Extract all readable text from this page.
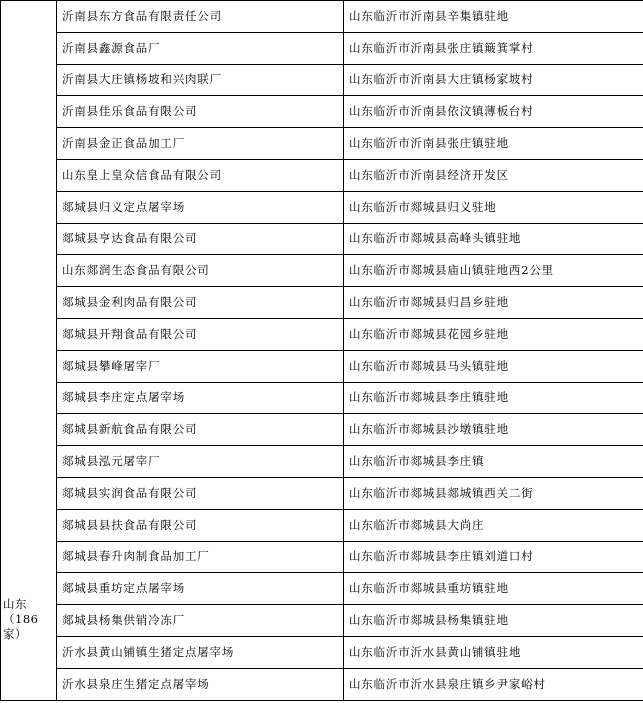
山东
（186
家）	沂南县东方食品有限责任公司	山东临沂市沂南县辛集镇驻地
	沂南县鑫源食品厂	山东临沂市沂南县张庄镇簸箕掌村
	沂南县大庄镇杨坡和兴肉联厂	山东临沂市沂南县大庄镇杨家坡村
	沂南县佳乐食品有限公司	山东临沂市沂南县依汶镇薄板台村
	沂南县金正食品加工厂	山东临沂市沂南县张庄镇驻地
	山东皇上皇众信食品有限公司	山东临沂市沂南县经济开发区
	郯城县归义定点屠宰场	山东临沂市郯城县归义驻地
	郯城县亨达食品有限公司	山东临沂市郯城县高峰头镇驻地
	山东郯润生态食品有限公司	山东临沂市郯城县庙山镇驻地西2公里
	郯城县金利肉品有限公司	山东临沂市郯城县归昌乡驻地
	郯城县开翔食品有限公司	山东临沂市郯城县花园乡驻地
	郯城县攀峰屠宰厂	山东临沂市郯城县马头镇驻地
	郯城县李庄定点屠宰场	山东临沂市郯城县李庄镇驻地
	郯城县新航食品有限公司	山东临沂市郯城县沙墩镇驻地
	郯城县泓元屠宰厂	山东临沂市郯城县李庄镇
	郯城县实润食品有限公司	山东临沂市郯城县郯城镇西关二街
	郯城县县扶食品有限公司	山东临沂市郯城县大尚庄
	郯城县春升肉制食品加工厂	山东临沂市郯城县李庄镇刘道口村
	郯城县重坊定点屠宰场	山东临沂市郯城县重坊镇驻地
	郯城县杨集供销冷冻厂	山东临沂市郯城县杨集镇驻地
	沂水县黄山铺镇生猪定点屠宰场	山东临沂市沂水县黄山铺镇驻地
	沂水县泉庄生猪定点屠宰场	山东临沂市沂水县泉庄镇乡尹家峪村
